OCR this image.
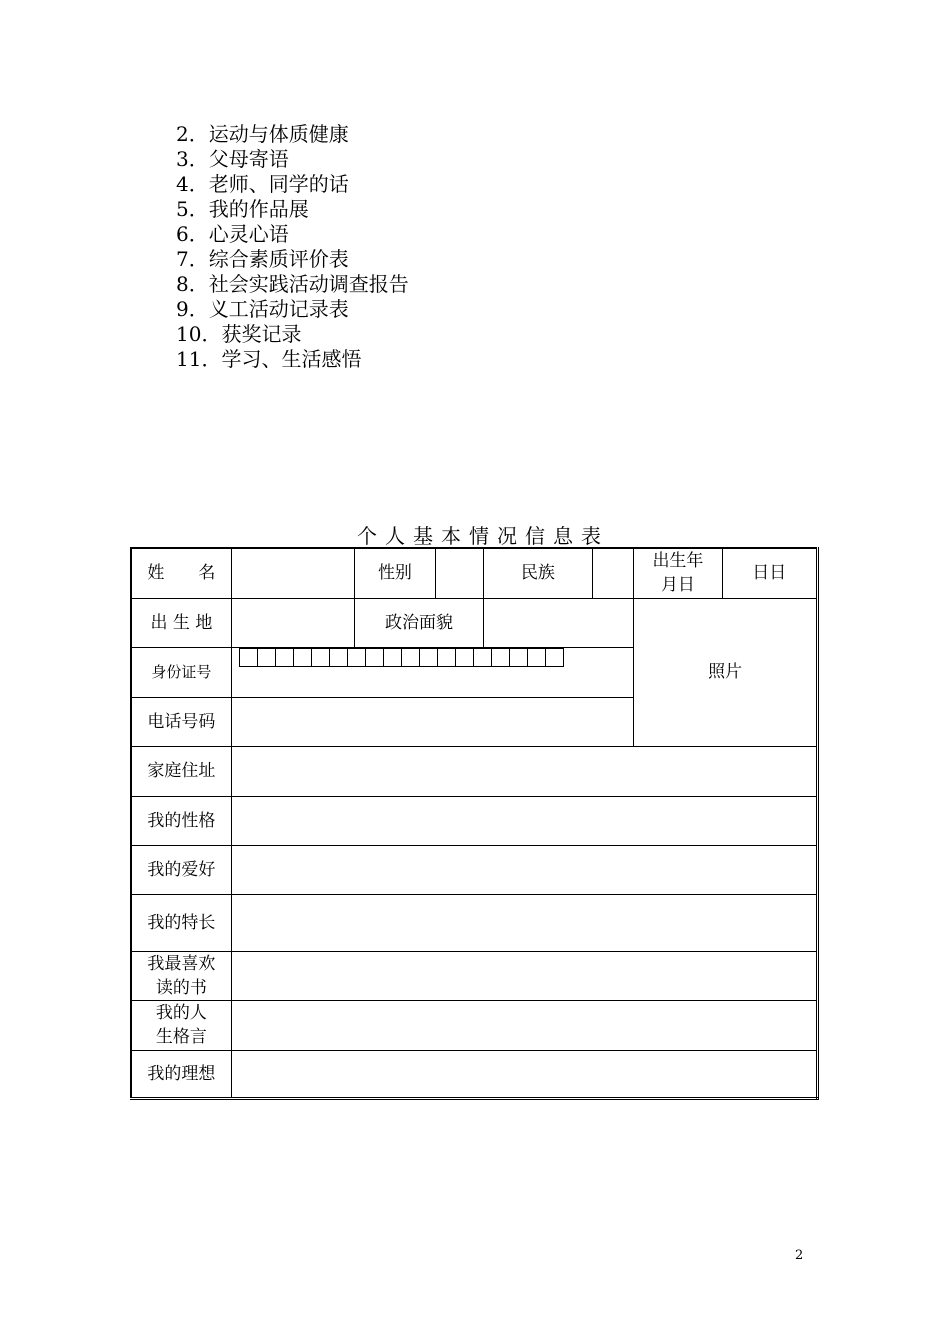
2．运动与体质健康
3．父母寄语
4．老师、同学的话
5．我的作品展
6．心灵心语
7．综合素质评价表
8．社会实践活动调查报告
9．义工活动记录表
10．获奖记录
11．学习、生活感悟
个人基本情况信息表
姓　　名		性别		民族		出生年月日	日日
出 生 地		政治面貌				照片	
身份证号							

电话号码							
家庭住址							
我的性格							
我的爱好							
我的特长							
我最喜欢读的书							
我的人生格言							
我的理想							
2
